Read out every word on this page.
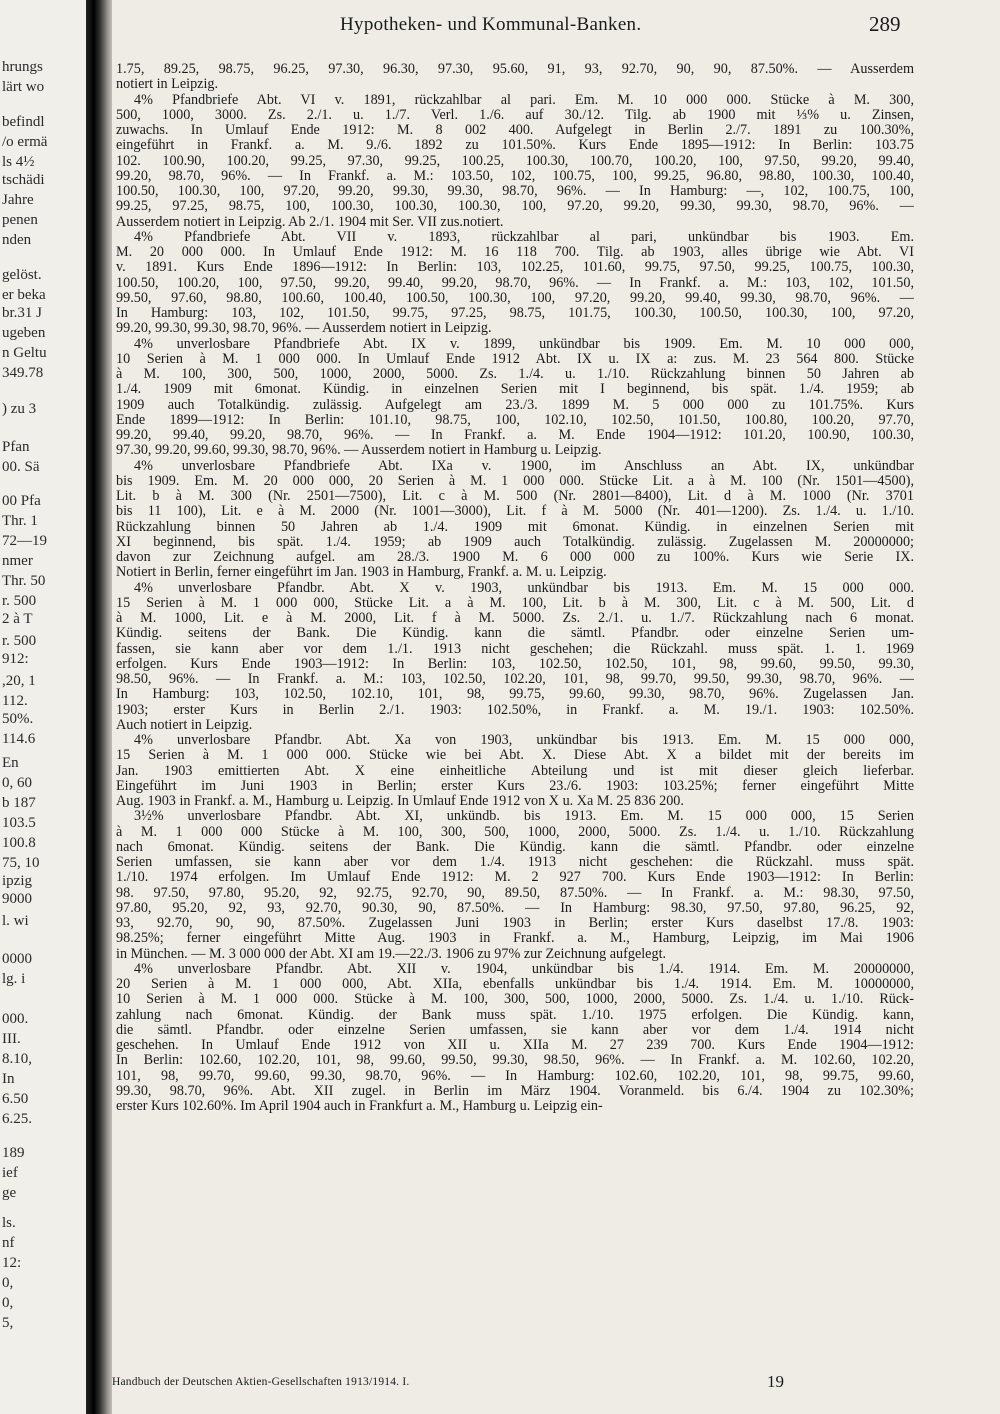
hrungs
lärt wo
befindl
/o ermä
ls 4½
tschädi
Jahre
penen
nden
gelöst.
er beka
br.31 J
ugeben
n Geltu
349.78
) zu 3
Pfan
00. Sä
00 Pfa
Thr. 1
72—19
nmer
Thr. 50
r. 500
2 à T
r. 500
912:
,20, 1
112.
50%.
114.6
En
0, 60
b 187
103.5
100.8
75, 10
ipzig
9000
l. wi
0000
lg. i
000.
III.
8.10,
In
6.50
6.25.
189
ief
ge
ls.
nf
12:
0,
0,
5,
Hypotheken- und Kommunal-Banken.	289
1.75, 89.25, 98.75, 96.25, 97.30, 96.30, 97.30, 95.60, 91, 93, 92.70, 90, 90, 87.50%. — Ausserdem
notiert in Leipzig.
4% Pfandbriefe Abt. VI v. 1891, rückzahlbar al pari. Em. M. 10 000 000. Stücke à M. 300,
500, 1000, 3000. Zs. 2./1. u. 1./7. Verl. 1./6. auf 30./12. Tilg. ab 1900 mit ⅓% u. Zinsen,
zuwachs. In Umlauf Ende 1912: M. 8 002 400. Aufgelegt in Berlin 2./7. 1891 zu 100.30%,
eingeführt in Frankf. a. M. 9./6. 1892 zu 101.50%. Kurs Ende 1895—1912: In Berlin: 103.75
102. 100.90, 100.20, 99.25, 97.30, 99.25, 100.25, 100.30, 100.70, 100.20, 100, 97.50, 99.20, 99.40,
99.20, 98.70, 96%. — In Frankf. a. M.: 103.50, 102, 100.75, 100, 99.25, 96.80, 98.80, 100.30, 100.40,
100.50, 100.30, 100, 97.20, 99.20, 99.30, 99.30, 98.70, 96%. — In Hamburg: —, 102, 100.75, 100,
99.25, 97.25, 98.75, 100, 100.30, 100.30, 100.30, 100, 97.20, 99.20, 99.30, 99.30, 98.70, 96%. —
Ausserdem notiert in Leipzig. Ab 2./1. 1904 mit Ser. VII zus.notiert.
4% Pfandbriefe Abt. VII v. 1893, rückzahlbar al pari, unkündbar bis 1903. Em.
M. 20 000 000. In Umlauf Ende 1912: M. 16 118 700. Tilg. ab 1903, alles übrige wie Abt. VI
v. 1891. Kurs Ende 1896—1912: In Berlin: 103, 102.25, 101.60, 99.75, 97.50, 99.25, 100.75, 100.30,
100.50, 100.20, 100, 97.50, 99.20, 99.40, 99.20, 98.70, 96%. — In Frankf. a. M.: 103, 102, 101.50,
99.50, 97.60, 98.80, 100.60, 100.40, 100.50, 100.30, 100, 97.20, 99.20, 99.40, 99.30, 98.70, 96%. —
In Hamburg: 103, 102, 101.50, 99.75, 97.25, 98.75, 101.75, 100.30, 100.50, 100.30, 100, 97.20,
99.20, 99.30, 99.30, 98.70, 96%. — Ausserdem notiert in Leipzig.
4% unverlosbare Pfandbriefe Abt. IX v. 1899, unkündbar bis 1909. Em. M. 10 000 000,
10 Serien à M. 1 000 000. In Umlauf Ende 1912 Abt. IX u. IX a: zus. M. 23 564 800. Stücke
à M. 100, 300, 500, 1000, 2000, 5000. Zs. 1./4. u. 1./10. Rückzahlung binnen 50 Jahren ab
1./4. 1909 mit 6monat. Kündig. in einzelnen Serien mit I beginnend, bis spät. 1./4. 1959; ab
1909 auch Totalkündig. zulässig. Aufgelegt am 23./3. 1899 M. 5 000 000 zu 101.75%. Kurs
Ende 1899—1912: In Berlin: 101.10, 98.75, 100, 102.10, 102.50, 101.50, 100.80, 100.20, 97.70,
99.20, 99.40, 99.20, 98.70, 96%. — In Frankf. a. M. Ende 1904—1912: 101.20, 100.90, 100.30,
97.30, 99.20, 99.60, 99.30, 98.70, 96%. — Ausserdem notiert in Hamburg u. Leipzig.
4% unverlosbare Pfandbriefe Abt. IXa v. 1900, im Anschluss an Abt. IX, unkündbar
bis 1909. Em. M. 20 000 000, 20 Serien à M. 1 000 000. Stücke Lit. a à M. 100 (Nr. 1501—4500),
Lit. b à M. 300 (Nr. 2501—7500), Lit. c à M. 500 (Nr. 2801—8400), Lit. d à M. 1000 (Nr. 3701
bis 11 100), Lit. e à M. 2000 (Nr. 1001—3000), Lit. f à M. 5000 (Nr. 401—1200). Zs. 1./4. u. 1./10.
Rückzahlung binnen 50 Jahren ab 1./4. 1909 mit 6monat. Kündig. in einzelnen Serien mit
XI beginnend, bis spät. 1./4. 1959; ab 1909 auch Totalkündig. zulässig. Zugelassen M. 20000000;
davon zur Zeichnung aufgel. am 28./3. 1900 M. 6 000 000 zu 100%. Kurs wie Serie IX.
Notiert in Berlin, ferner eingeführt im Jan. 1903 in Hamburg, Frankf. a. M. u. Leipzig.
4% unverlosbare Pfandbr. Abt. X v. 1903, unkündbar bis 1913. Em. M. 15 000 000.
15 Serien à M. 1 000 000, Stücke Lit. a à M. 100, Lit. b à M. 300, Lit. c à M. 500, Lit. d
à M. 1000, Lit. e à M. 2000, Lit. f à M. 5000. Zs. 2./1. u. 1./7. Rückzahlung nach 6 monat.
Kündig. seitens der Bank. Die Kündig. kann die sämtl. Pfandbr. oder einzelne Serien um-
fassen, sie kann aber vor dem 1./1. 1913 nicht geschehen; die Rückzahl. muss spät. 1. 1. 1969
erfolgen. Kurs Ende 1903—1912: In Berlin: 103, 102.50, 102.50, 101, 98, 99.60, 99.50, 99.30,
98.50, 96%. — In Frankf. a. M.: 103, 102.50, 102.20, 101, 98, 99.70, 99.50, 99.30, 98.70, 96%. —
In Hamburg: 103, 102.50, 102.10, 101, 98, 99.75, 99.60, 99.30, 98.70, 96%. Zugelassen Jan.
1903; erster Kurs in Berlin 2./1. 1903: 102.50%, in Frankf. a. M. 19./1. 1903: 102.50%.
Auch notiert in Leipzig.
4% unverlosbare Pfandbr. Abt. Xa von 1903, unkündbar bis 1913. Em. M. 15 000 000,
15 Serien à M. 1 000 000. Stücke wie bei Abt. X. Diese Abt. X a bildet mit der bereits im
Jan. 1903 emittierten Abt. X eine einheitliche Abteilung und ist mit dieser gleich lieferbar.
Eingeführt im Juni 1903 in Berlin; erster Kurs 23./6. 1903: 103.25%; ferner eingeführt Mitte
Aug. 1903 in Frankf. a. M., Hamburg u. Leipzig. In Umlauf Ende 1912 von X u. Xa M. 25 836 200.
3½% unverlosbare Pfandbr. Abt. XI, unkündb. bis 1913. Em. M. 15 000 000, 15 Serien
à M. 1 000 000 Stücke à M. 100, 300, 500, 1000, 2000, 5000. Zs. 1./4. u. 1./10. Rückzahlung
nach 6monat. Kündig. seitens der Bank. Die Kündig. kann die sämtl. Pfandbr. oder einzelne
Serien umfassen, sie kann aber vor dem 1./4. 1913 nicht geschehen: die Rückzahl. muss spät.
1./10. 1974 erfolgen. Im Umlauf Ende 1912: M. 2 927 700. Kurs Ende 1903—1912: In Berlin:
98. 97.50, 97.80, 95.20, 92, 92.75, 92.70, 90, 89.50, 87.50%. — In Frankf. a. M.: 98.30, 97.50,
97.80, 95.20, 92, 93, 92.70, 90.30, 90, 87.50%. — In Hamburg: 98.30, 97.50, 97.80, 96.25, 92,
93, 92.70, 90, 90, 87.50%. Zugelassen Juni 1903 in Berlin; erster Kurs daselbst 17./8. 1903:
98.25%; ferner eingeführt Mitte Aug. 1903 in Frankf. a. M., Hamburg, Leipzig, im Mai 1906
in München. — M. 3 000 000 der Abt. XI am 19.—22./3. 1906 zu 97% zur Zeichnung aufgelegt.
4% unverlosbare Pfandbr. Abt. XII v. 1904, unkündbar bis 1./4. 1914. Em. M. 20000000,
20 Serien à M. 1 000 000, Abt. XIIa, ebenfalls unkündbar bis 1./4. 1914. Em. M. 10000000,
10 Serien à M. 1 000 000. Stücke à M. 100, 300, 500, 1000, 2000, 5000. Zs. 1./4. u. 1./10. Rück-
zahlung nach 6monat. Kündig. der Bank muss spät. 1./10. 1975 erfolgen. Die Kündig. kann,
die sämtl. Pfandbr. oder einzelne Serien umfassen, sie kann aber vor dem 1./4. 1914 nicht
geschehen. In Umlauf Ende 1912 von XII u. XIIa M. 27 239 700. Kurs Ende 1904—1912:
In Berlin: 102.60, 102.20, 101, 98, 99.60, 99.50, 99.30, 98.50, 96%. — In Frankf. a. M. 102.60, 102.20,
101, 98, 99.70, 99.60, 99.30, 98.70, 96%. — In Hamburg: 102.60, 102.20, 101, 98, 99.75, 99.60,
99.30, 98.70, 96%. Abt. XII zugel. in Berlin im März 1904. Voranmeld. bis 6./4. 1904 zu 102.30%;
erster Kurs 102.60%. Im April 1904 auch in Frankfurt a. M., Hamburg u. Leipzig ein-
Handbuch der Deutschen Aktien-Gesellschaften 1913/1914. I.	19
